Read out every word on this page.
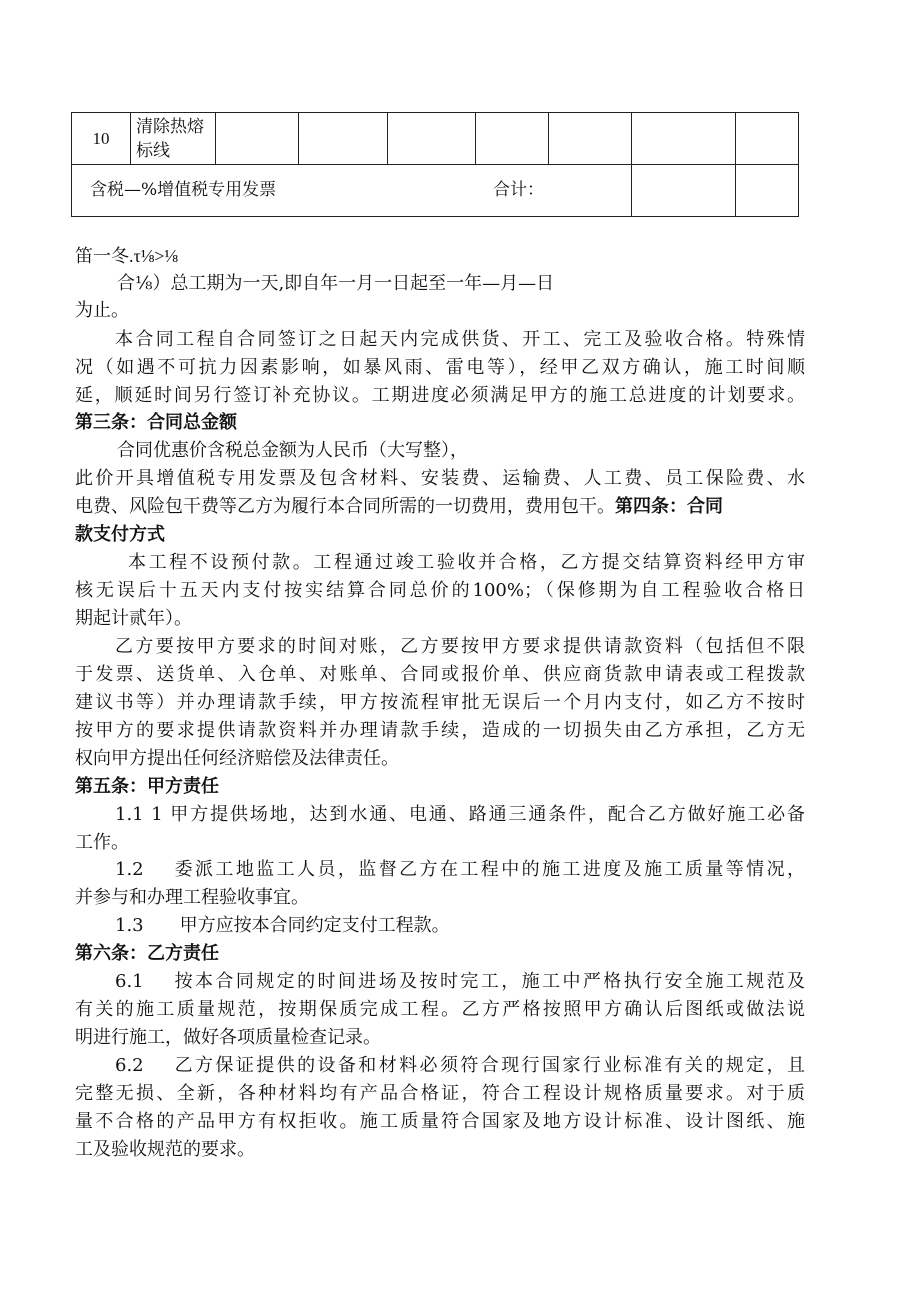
10	清除热熔
标线							

含税—%增值税专用发票 合计：								

笛一冬.τ⅛>⅛
合⅛）总工期为一天,即自年一月一日起至一年—月—日
为止。
本合同工程自合同签订之日起天内完成供货、开工、完工及验收合格。特殊情
况（如遇不可抗力因素影响，如暴风雨、雷电等），经甲乙双方确认，施工时间顺
延，顺延时间另行签订补充协议。工期进度必须满足甲方的施工总进度的计划要求。
第三条：合同总金额
合同优惠价含税总金额为人民币（大写整），
此价开具增值税专用发票及包含材料、安装费、运输费、人工费、员工保险费、水
电费、风险包干费等乙方为履行本合同所需的一切费用，费用包干。第四条：合同
款支付方式
本工程不设预付款。工程通过竣工验收并合格，乙方提交结算资料经甲方审
核无误后十五天内支付按实结算合同总价的100%；（保修期为自工程验收合格日
期起计贰年）。
乙方要按甲方要求的时间对账，乙方要按甲方要求提供请款资料（包括但不限
于发票、送货单、入仓单、对账单、合同或报价单、供应商货款申请表或工程拨款
建议书等）并办理请款手续，甲方按流程审批无误后一个月内支付，如乙方不按时
按甲方的要求提供请款资料并办理请款手续，造成的一切损失由乙方承担，乙方无
权向甲方提出任何经济赔偿及法律责任。
第五条：甲方责任
1.1 1 甲方提供场地，达到水通、电通、路通三通条件，配合乙方做好施工必备
工作。
1.2　 委派工地监工人员，监督乙方在工程中的施工进度及施工质量等情况，
并参与和办理工程验收事宜。
1.3　　甲方应按本合同约定支付工程款。
第六条：乙方责任
6.1　 按本合同规定的时间进场及按时完工，施工中严格执行安全施工规范及
有关的施工质量规范，按期保质完成工程。乙方严格按照甲方确认后图纸或做法说
明进行施工，做好各项质量检查记录。
6.2　 乙方保证提供的设备和材料必须符合现行国家行业标准有关的规定，且
完整无损、全新，各种材料均有产品合格证，符合工程设计规格质量要求。对于质
量不合格的产品甲方有权拒收。施工质量符合国家及地方设计标准、设计图纸、施
工及验收规范的要求。
